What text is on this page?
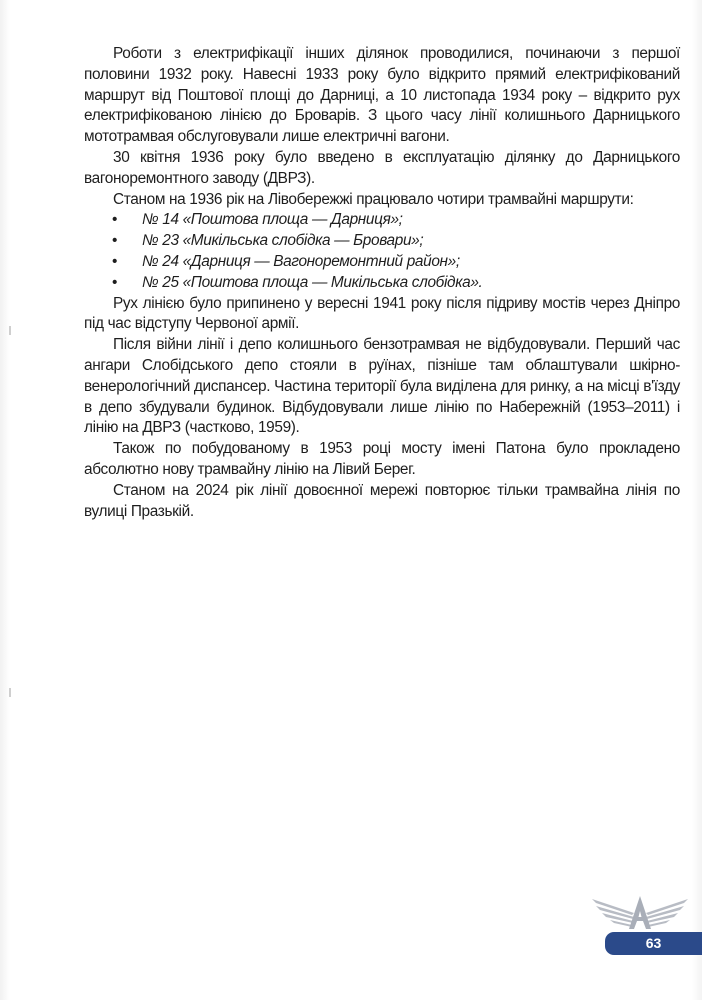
Роботи з електрифікації інших ділянок проводилися, починаючи з першої половини 1932 року. Навесні 1933 року було відкрито прямий електрифікований маршрут від Поштової площі до Дарниці, а 10 листопада 1934 року – відкрито рух електрифікованою лінією до Броварів. З цього часу лінії колишнього Дарницького мототрамвая обслуговували лише електричні вагони.

30 квітня 1936 року було введено в експлуатацію ділянку до Дарницького вагоноремонтного заводу (ДВРЗ).

Станом на 1936 рік на Лівобережжі працювало чотири трамвайні маршрути:

• № 14 «Поштова площа — Дарниця»;
• № 23 «Микільська слобідка — Бровари»;
• № 24 «Дарниця — Вагоноремонтний район»;
• № 25 «Поштова площа — Микільська слобідка».

Рух лінією було припинено у вересні 1941 року після підриву мостів через Дніпро під час відступу Червоної армії.

Після війни лінії і депо колишнього бензотрамвая не відбудовували. Перший час ангари Слобідського депо стояли в руїнах, пізніше там облаштували шкірно-венерологічний диспансер. Частина території була виділена для ринку, а на місці в'їзду в депо збудували будинок. Відбудовували лише лінію по Набережній (1953–2011) і лінію на ДВРЗ (частково, 1959).

Також по побудованому в 1953 році мосту імені Патона було прокладено абсолютно нову трамвайну лінію на Лівий Берег.

Станом на 2024 рік лінії довоєнної мережі повторює тільки трамвайна лінія по вулиці Празькій.

63
